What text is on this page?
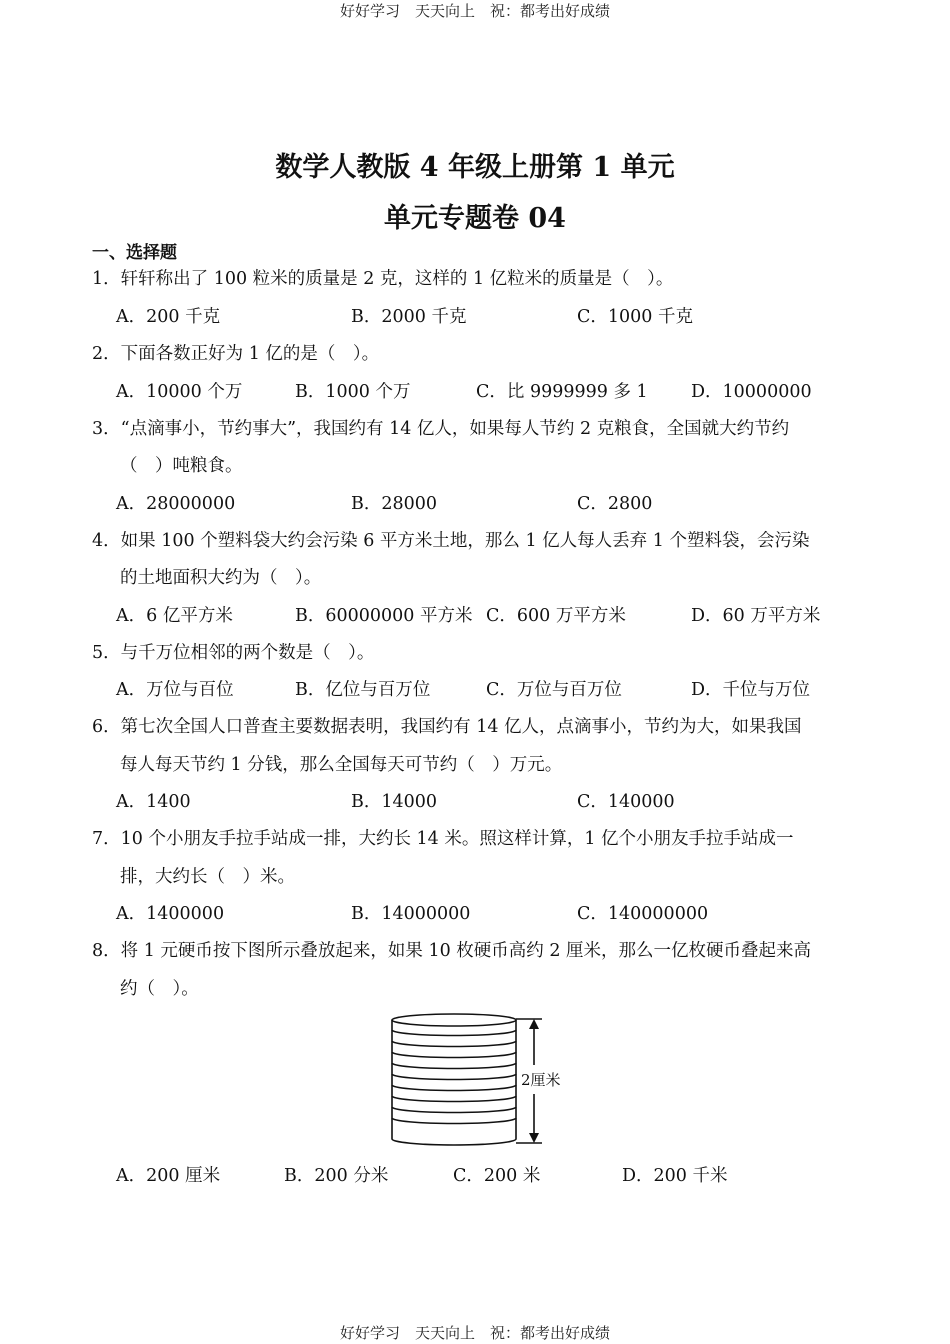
好好学习　天天向上　祝：都考出好成绩
数学人教版 4 年级上册第 1 单元
单元专题卷 04
一、选择题
1．轩轩称出了 100 粒米的质量是 2 克，这样的 1 亿粒米的质量是（　）。
A．200 千克	B．2000 千克	C．1000 千克
2．下面各数正好为 1 亿的是（　）。
A．10000 个万	B．1000 个万	C．比 9999999 多 1 D．10000000
3．“点滴事小，节约事大”，我国约有 14 亿人，如果每人节约 2 克粮食，全国就大约节约
（　）吨粮食。
A．28000000	B．28000	C．2800
4．如果 100 个塑料袋大约会污染 6 平方米土地，那么 1 亿人每人丢弃 1 个塑料袋，会污染
的土地面积大约为（　）。
A．6 亿平方米	B．60000000 平方米 C．600 万平方米	D．60 万平方米
5．与千万位相邻的两个数是（　）。
A．万位与百位	B．亿位与百万位	C．万位与百万位	D．千位与万位
6．第七次全国人口普查主要数据表明，我国约有 14 亿人，点滴事小，节约为大，如果我国
每人每天节约 1 分钱，那么全国每天可节约（　）万元。
A．1400	B．14000	C．140000
7．10 个小朋友手拉手站成一排，大约长 14 米。照这样计算，1 亿个小朋友手拉手站成一
排，大约长（　）米。
A．1400000	B．14000000	C．140000000
8．将 1 元硬币按下图所示叠放起来，如果 10 枚硬币高约 2 厘米，那么一亿枚硬币叠起来高
约（　）。
2厘米
A．200 厘米	B．200 分米	C．200 米	D．200 千米
好好学习　天天向上　祝：都考出好成绩
